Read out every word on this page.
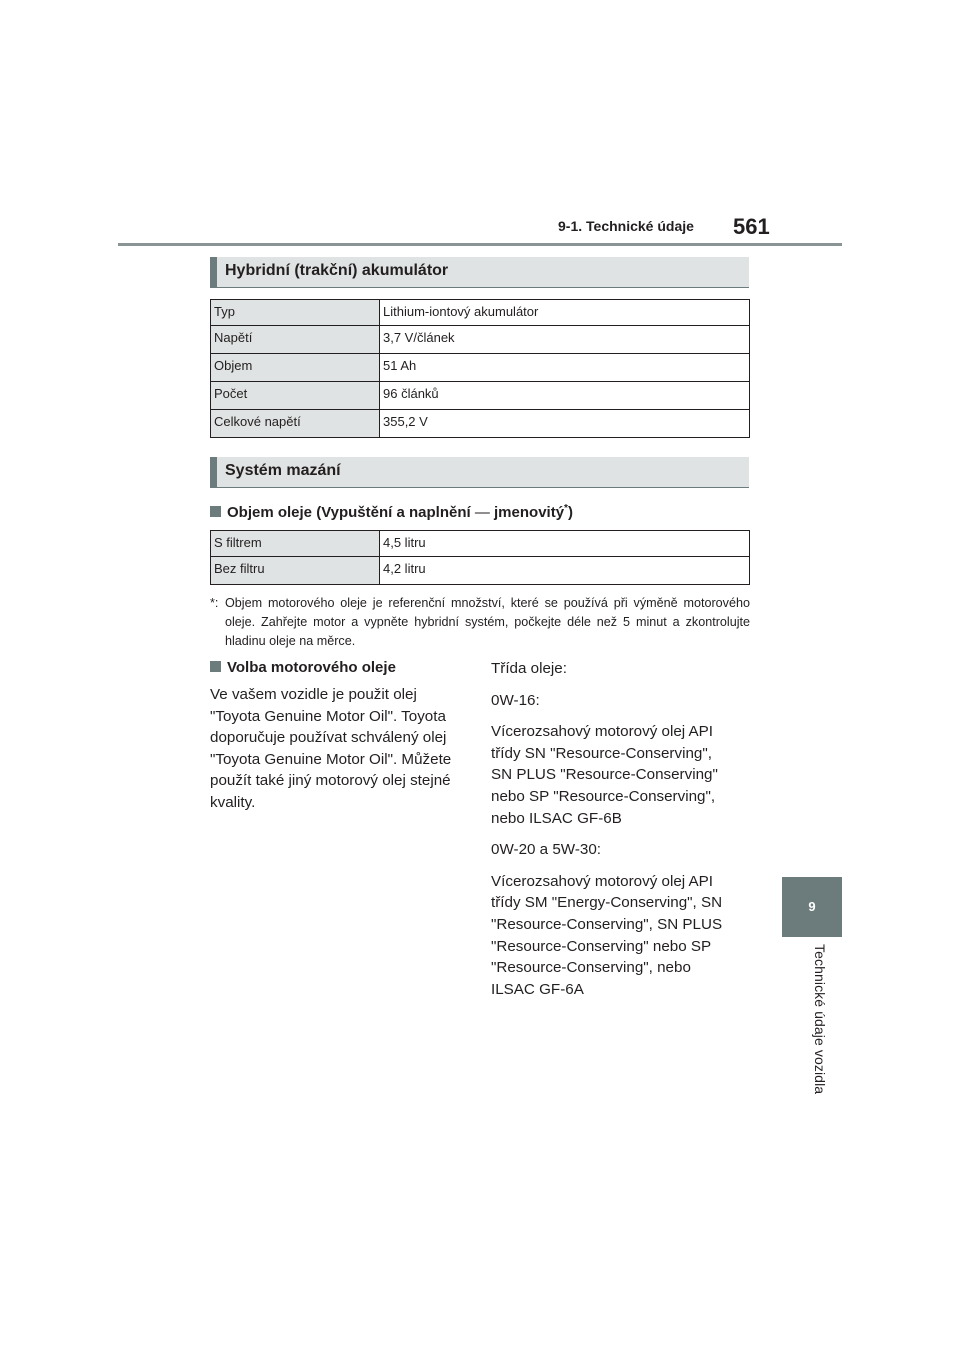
9-1. Technické údaje 561
9
Technické údaje vozidla
Hybridní (trakční) akumulátor
Typ	Lithium-iontový akumulátor
Napětí	3,7 V/článek
Objem	51 Ah
Počet	96 článků
Celkové napětí	355,2 V
Systém mazání
Objem oleje (Vypuštění a naplnění — jmenovitý*)
S filtrem	4,5 litru
Bez filtru	4,2 litru
*: Objem motorového oleje je referenční množství, které se používá při výměně motorového oleje. Zahřejte motor a vypněte hybridní systém, počkejte déle než 5 minut a zkontrolujte hladinu oleje na měrce.
Volba motorového oleje
Ve vašem vozidle je použit olej
"Toyota Genuine Motor Oil". Toyota
doporučuje používat schválený olej
"Toyota Genuine Motor Oil". Můžete
použít také jiný motorový olej stejné
kvality.
Třída oleje:
0W-16:
Vícerozsahový motorový olej API
třídy SN "Resource-Conserving",
SN PLUS "Resource-Conserving"
nebo SP "Resource-Conserving",
nebo ILSAC GF-6B
0W-20 a 5W-30:
Vícerozsahový motorový olej API
třídy SM "Energy-Conserving", SN
"Resource-Conserving", SN PLUS
"Resource-Conserving" nebo SP
"Resource-Conserving", nebo
ILSAC GF-6A
